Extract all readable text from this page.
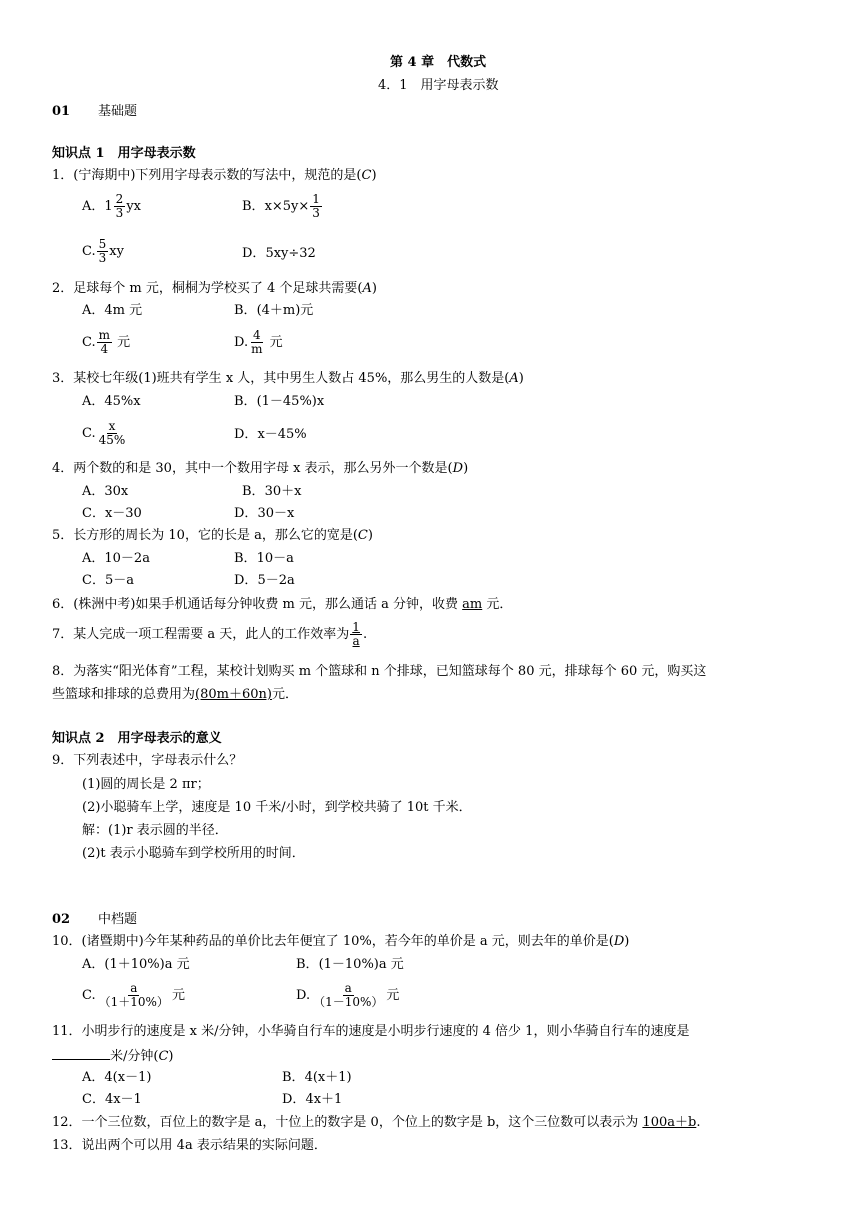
第 4 章　代数式
4．1　用字母表示数
01 基础题
知识点 1　用字母表示数
1．(宁海期中)下列用字母表示数的写法中，规范的是(C)
A．$1 \frac{2}{3}$ yx	B．$x\times 5y\times \frac{1}{3}$
C. $\frac{5}{3}$ xy	D．5xy÷32
2．足球每个 m 元，桐桐为学校买了 4 个足球共需要(A)
A．4m 元	B．(4＋m)元
C. $\frac{m}{4}$ 元	D. $\frac{4}{m}$ 元
3．某校七年级(1)班共有学生 x 人，其中男生人数占 45%，那么男生的人数是(A)
A．45%x	B．(1－45%)x
C. $\frac{x}{45\%}$	D．x－45%
4．两个数的和是 30，其中一个数用字母 x 表示，那么另外一个数是(D)
A．30x	B．30＋x
C．x－30	D．30－x
5．长方形的周长为 10，它的长是 a，那么它的宽是(C)
A．10－2a	B．10－a
C．5－a	D．5－2a
6．(株洲中考)如果手机通话每分钟收费 m 元，那么通话 a 分钟，收费 am 元．
7．某人完成一项工程需要 a 天，此人的工作效率为 $\frac{1}{a}$ .
8．为落实“阳光体育”工程，某校计划购买 m 个篮球和 n 个排球，已知篮球每个 80 元，排球每个 60 元，购买这
些篮球和排球的总费用为(80m＋60n)元．
知识点 2　用字母表示的意义
9．下列表述中，字母表示什么？
(1)圆的周长是 2 πr；
(2)小聪骑车上学，速度是 10 千米/小时，到学校共骑了 10t 千米．
解：(1)r 表示圆的半径．
(2)t 表示小聪骑车到学校所用的时间．
02 中档题
10．(诸暨期中)今年某种药品的单价比去年便宜了 10%，若今年的单价是 a 元，则去年的单价是(D)
A．(1＋10%)a 元	B．(1－10%)a 元
C. $\frac{a}{(1+10\%)}$ 元	D. $\frac{a}{(1-10\%)}$ 元
11．小明步行的速度是 x 米/分钟，小华骑自行车的速度是小明步行速度的 4 倍少 1，则小华骑自行车的速度是
米/分钟(C)
A．4(x－1)	B．4(x＋1)
C．4x－1	D．4x＋1
12．一个三位数，百位上的数字是 a，十位上的数字是 0，个位上的数字是 b，这个三位数可以表示为 100a＋b.
13．说出两个可以用 4a 表示结果的实际问题．
